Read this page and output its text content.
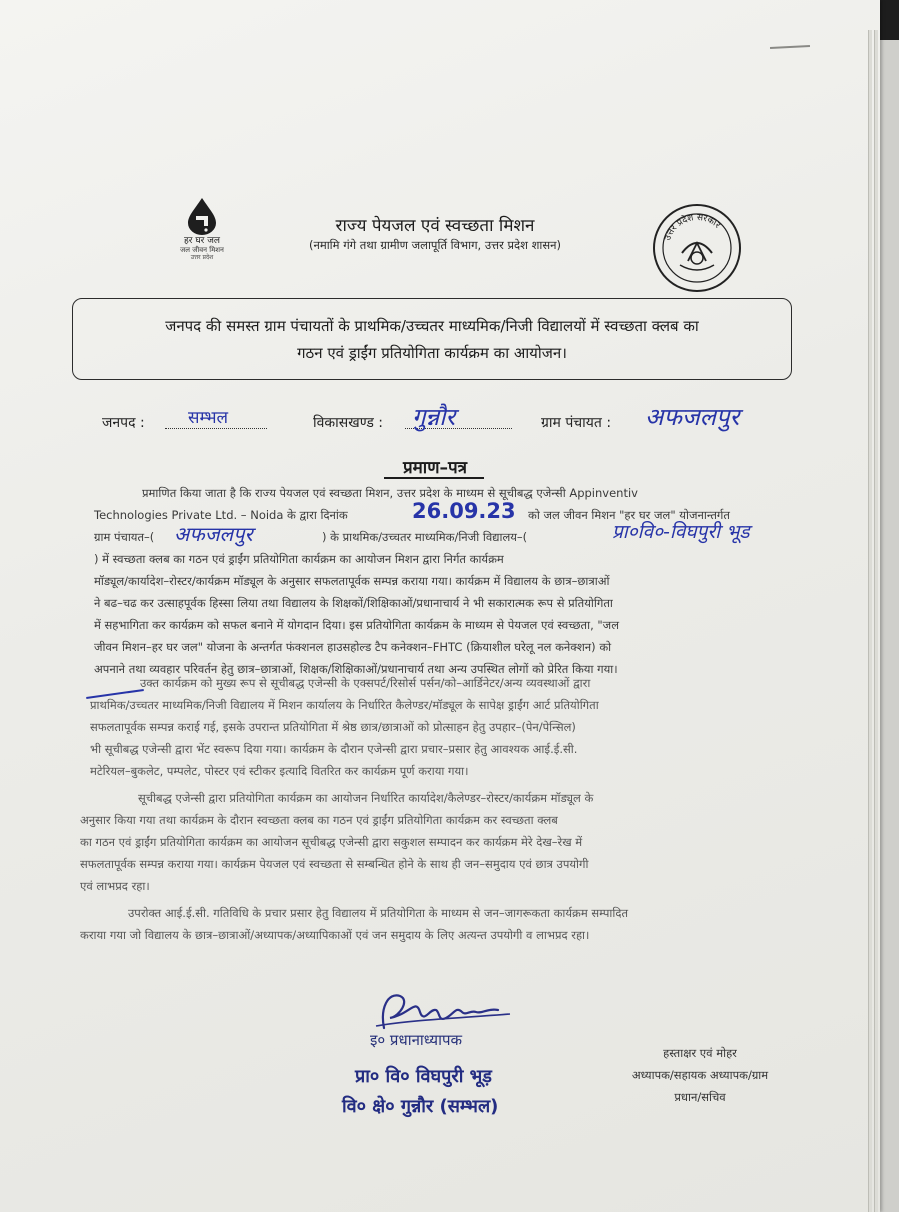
हर घर जल
जल जीवन मिशन
उत्तर प्रदेश
राज्य पेयजल एवं स्वच्छता मिशन
(नमामि गंगे तथा ग्रामीण जलापूर्ति विभाग, उत्तर प्रदेश शासन)	उत्तर प्रदेश सरकार
जनपद की समस्त ग्राम पंचायतों के प्राथमिक/उच्चतर माध्यमिक/निजी विद्यालयों में स्वच्छता क्लब का
गठन एवं ड्राईंग प्रतियोगिता कार्यक्रम का आयोजन।
जनपद :	सम्भल	विकासखण्ड : गुन्नौर	ग्राम पंचायत : अफजलपुर
प्रमाण–पत्र
प्रमाणित किया जाता है कि राज्य पेयजल एवं स्वच्छता मिशन, उत्तर प्रदेश के माध्यम से सूचीबद्ध एजेन्सी Appinventiv
Technologies Private Ltd. – Noida के द्वारा दिनांक	26.09.23 को जल जीवन मिशन "हर घर जल" योजनान्तर्गत
ग्राम पंचायत–( अफजलपुर	) के प्राथमिक/उच्चतर माध्यमिक/निजी विद्यालय–(	प्रा०वि०-विघपुरी भूड
) में स्वच्छता क्लब का गठन एवं ड्राईंग प्रतियोगिता कार्यक्रम का आयोजन मिशन द्वारा निर्गत कार्यक्रम
मॉड्यूल/कार्यादेश–रोस्टर/कार्यक्रम मॉड्यूल के अनुसार सफलतापूर्वक सम्पन्न कराया गया। कार्यक्रम में विद्यालय के छात्र–छात्राओं
ने बढ–चढ कर उत्साहपूर्वक हिस्सा लिया तथा विद्यालय के शिक्षकों/शिक्षिकाओं/प्रधानाचार्य ने भी सकारात्मक रूप से प्रतियोगिता
में सहभागिता कर कार्यक्रम को सफल बनाने में योगदान दिया। इस प्रतियोगिता कार्यक्रम के माध्यम से पेयजल एवं स्वच्छता, "जल
जीवन मिशन–हर घर जल" योजना के अन्तर्गत फंक्शनल हाउसहोल्ड टैप कनेक्शन–FHTC (क्रियाशील घरेलू नल कनेक्शन) को
अपनाने तथा व्यवहार परिवर्तन हेतु छात्र–छात्राओं, शिक्षक/शिक्षिकाओं/प्रधानाचार्य तथा अन्य उपस्थित लोगों को प्रेरित किया गया।
उक्त कार्यक्रम को मुख्य रूप से सूचीबद्ध एजेन्सी के एक्सपर्ट/रिसोर्स पर्सन/को–आर्डिनेटर/अन्य व्यवस्थाओं द्वारा
प्राथमिक/उच्चतर माध्यमिक/निजी विद्यालय में मिशन कार्यालय के निर्धारित कैलेण्डर/मॉड्यूल के सापेक्ष ड्राईंग आर्ट प्रतियोगिता
सफलतापूर्वक सम्पन्न कराई गई, इसके उपरान्त प्रतियोगिता में श्रेष्ठ छात्र/छात्राओं को प्रोत्साहन हेतु उपहार–(पेन/पेन्सिल)
भी सूचीबद्ध एजेन्सी द्वारा भेंट स्वरूप दिया गया। कार्यक्रम के दौरान एजेन्सी द्वारा प्रचार–प्रसार हेतु आवश्यक आई.ई.सी.
मटेरियल–बुकलेट, पम्पलेट, पोस्टर एवं स्टीकर इत्यादि वितरित कर कार्यक्रम पूर्ण कराया गया।
सूचीबद्ध एजेन्सी द्वारा प्रतियोगिता कार्यक्रम का आयोजन निर्धारित कार्यादेश/कैलेण्डर–रोस्टर/कार्यक्रम मॉड्यूल के
अनुसार किया गया तथा कार्यक्रम के दौरान स्वच्छता क्लब का गठन एवं ड्राईंग प्रतियोगिता कार्यक्रम कर स्वच्छता क्लब
का गठन एवं ड्राईंग प्रतियोगिता कार्यक्रम का आयोजन सूचीबद्ध एजेन्सी द्वारा सकुशल सम्पादन कर कार्यक्रम मेरे देख–रेख में
सफलतापूर्वक सम्पन्न कराया गया। कार्यक्रम पेयजल एवं स्वच्छता से सम्बन्धित होने के साथ ही जन–समुदाय एवं छात्र उपयोगी
एवं लाभप्रद रहा।
उपरोक्त आई.ई.सी. गतिविधि के प्रचार प्रसार हेतु विद्यालय में प्रतियोगिता के माध्यम से जन–जागरूकता कार्यक्रम सम्पादित
कराया गया जो विद्यालय के छात्र–छात्राओं/अध्यापक/अध्यापिकाओं एवं जन समुदाय के लिए अत्यन्त उपयोगी व लाभप्रद रहा।
इ० प्रधानाध्यापक
प्रा० वि० विघपुरी भूड़
वि० क्षे० गुन्नौर (सम्भल)
हस्ताक्षर एवं मोहर
अध्यापक/सहायक अध्यापक/ग्राम
प्रधान/सचिव
